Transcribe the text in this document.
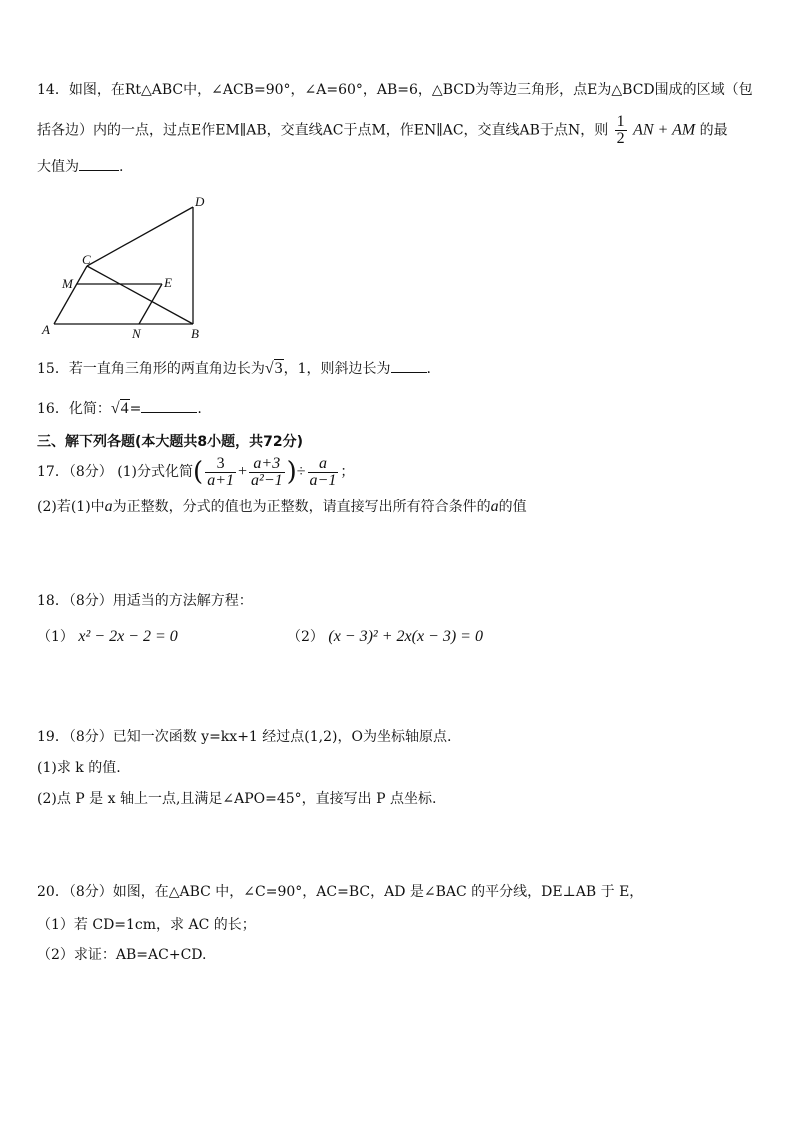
14．如图，在Rt△ABC中，∠ACB=90°，∠A=60°，AB=6，△BCD为等边三角形，点E为△BCD围成的区域（包
括各边）内的一点，过点E作EM∥AB，交直线AC于点M，作EN∥AC，交直线AB于点N，则 $\frac{1}{2}$ AN + AM 的最
大值为	.
D
C
M	E
A	N	B
15．若一直角三角形的两直角边长为√3，1，则斜边长为	.
16．化简：√4=	.
三、解下列各题(本大题共8小题，共72分)
17．（8分） (1)分式化简( $\frac{3}{a+1} + \frac{a+3}{\text{a²−1}}$ )÷ $\frac{a}{a-1}$ ；
(2)若(1)中a为正整数，分式的值也为正整数，请直接写出所有符合条件的a的值
18．（8分）用适当的方法解方程：
（1） x² − 2x − 2 = 0	（2） (x − 3)² + 2x(x − 3) = 0
19．（8分）已知一次函数 y=kx+1 经过点(1,2)，O为坐标轴原点.
(1)求 k 的值.
(2)点 P 是 x 轴上一点,且满足∠APO=45°，直接写出 P 点坐标.
20．（8分）如图，在△ABC 中，∠C=90°，AC=BC，AD 是∠BAC 的平分线，DE⊥AB 于 E，
（1）若 CD=1cm，求 AC 的长；
（2）求证：AB=AC+CD.
